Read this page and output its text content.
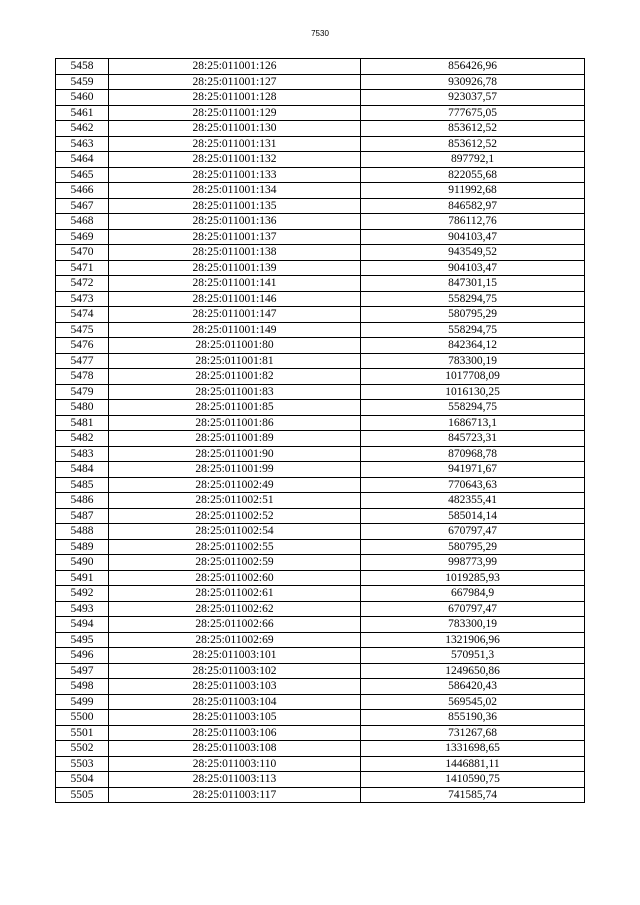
7530
5458	28:25:011001:126	856426,96
5459	28:25:011001:127	930926,78
5460	28:25:011001:128	923037,57
5461	28:25:011001:129	777675,05
5462	28:25:011001:130	853612,52
5463	28:25:011001:131	853612,52
5464	28:25:011001:132	897792,1
5465	28:25:011001:133	822055,68
5466	28:25:011001:134	911992,68
5467	28:25:011001:135	846582,97
5468	28:25:011001:136	786112,76
5469	28:25:011001:137	904103,47
5470	28:25:011001:138	943549,52
5471	28:25:011001:139	904103,47
5472	28:25:011001:141	847301,15
5473	28:25:011001:146	558294,75
5474	28:25:011001:147	580795,29
5475	28:25:011001:149	558294,75
5476	28:25:011001:80	842364,12
5477	28:25:011001:81	783300,19
5478	28:25:011001:82	1017708,09
5479	28:25:011001:83	1016130,25
5480	28:25:011001:85	558294,75
5481	28:25:011001:86	1686713,1
5482	28:25:011001:89	845723,31
5483	28:25:011001:90	870968,78
5484	28:25:011001:99	941971,67
5485	28:25:011002:49	770643,63
5486	28:25:011002:51	482355,41
5487	28:25:011002:52	585014,14
5488	28:25:011002:54	670797,47
5489	28:25:011002:55	580795,29
5490	28:25:011002:59	998773,99
5491	28:25:011002:60	1019285,93
5492	28:25:011002:61	667984,9
5493	28:25:011002:62	670797,47
5494	28:25:011002:66	783300,19
5495	28:25:011002:69	1321906,96
5496	28:25:011003:101	570951,3
5497	28:25:011003:102	1249650,86
5498	28:25:011003:103	586420,43
5499	28:25:011003:104	569545,02
5500	28:25:011003:105	855190,36
5501	28:25:011003:106	731267,68
5502	28:25:011003:108	1331698,65
5503	28:25:011003:110	1446881,11
5504	28:25:011003:113	1410590,75
5505	28:25:011003:117	741585,74
